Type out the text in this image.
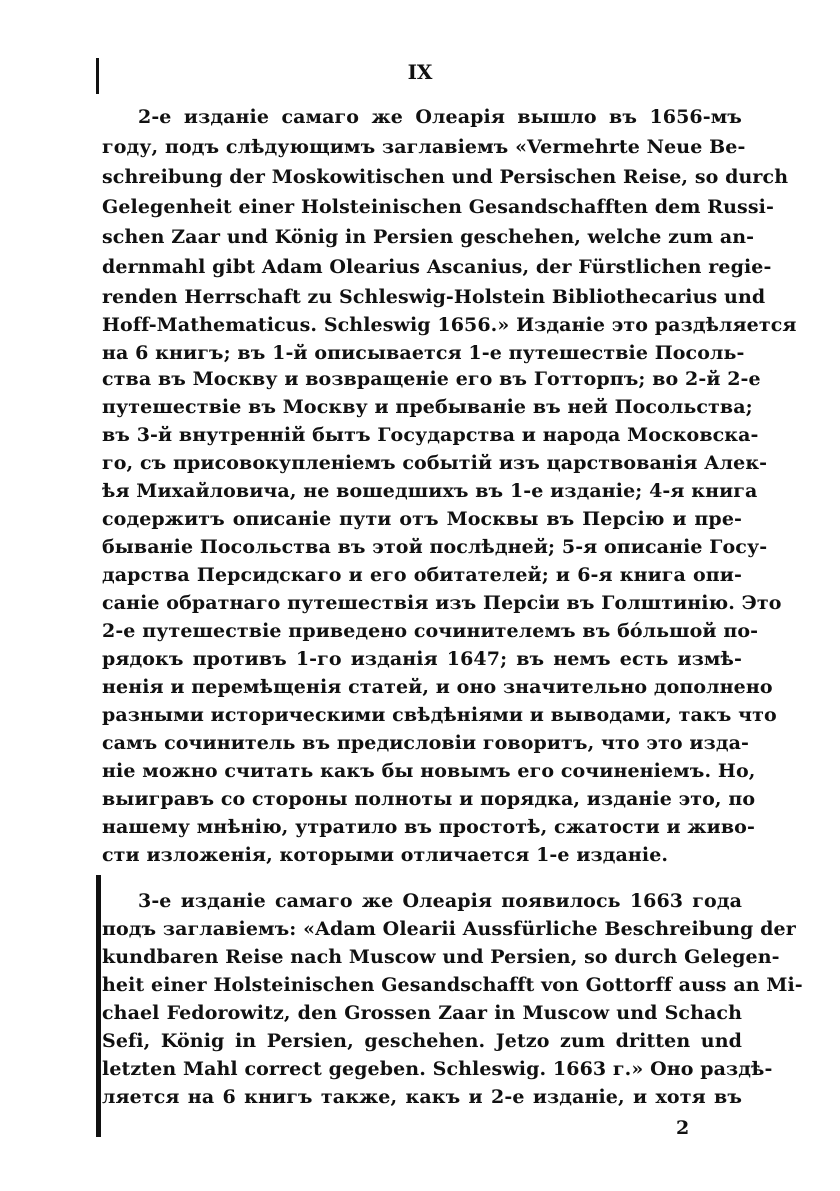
IX
2-е изданіе самаго же Олеарія вышло въ 1656-мъ
году, подъ слѣдующимъ заглавіемъ «Vermehrte Neue Be-
schreibung der Moskowitischen und Persischen Reise, so durch
Gelegenheit einer Holsteinischen Gesandschafften dem Russi-
schen Zaar und König in Persien geschehen, welche zum an-
dernmahl gibt Adam Olearius Ascanius, der Fürstlichen regie-
renden Herrschaft zu Schleswig-Holstein Bibliothecarius und
Hoff-Mathematicus. Schleswig 1656.» Изданіе это раздѣляется
на 6 книгъ; въ 1-й описывается 1-е путешествіе Посоль-
ства въ Москву и возвращеніе его въ Готторпъ; во 2-й 2-е
путешествіе въ Москву и пребываніе въ ней Посольства;
въ 3-й внутренній бытъ Государства и народа Московска-
го, съ присовокупленіемъ событій изъ царствованія Алек-
ѣя Михайловича, не вошедшихъ въ 1-е изданіе; 4-я книга
содержитъ описаніе пути отъ Москвы въ Персію и пре-
бываніе Посольства въ этой послѣдней; 5-я описаніе Госу-
дарства Персидскаго и его обитателей; и 6-я книга опи-
саніе обратнаго путешествія изъ Персіи въ Голштинію. Это
2-е путешествіе приведено сочинителемъ въ бóльшой по-
рядокъ противъ 1-го изданія 1647; въ немъ есть измѣ-
ненія и перемѣщенія статей, и оно значительно дополнено
разными историческими свѣдѣніями и выводами, такъ что
самъ сочинитель въ предисловіи говоритъ, что это изда-
ніе можно считать какъ бы новымъ его сочиненіемъ. Но,
выигравъ со стороны полноты и порядка, изданіе это, по
нашему мнѣнію, утратило въ простотѣ, сжатости и живо-
сти изложенія, которыми отличается 1-е изданіе.
3-е изданіе самаго же Олеарія появилось 1663 года
подъ заглавіемъ: «Adam Olearii Aussfürliche Beschreibung der
kundbaren Reise nach Muscow und Persien, so durch Gelegen-
heit einer Holsteinischen Gesandschafft von Gottorff auss an Mi-
chael Fedorowitz, den Grossen Zaar in Muscow und Schach
Sefi, König in Persien, geschehen. Jetzo zum dritten und
letzten Mahl correct gegeben. Schleswig. 1663 г.» Оно раздѣ-
ляется на 6 книгъ также, какъ и 2-е изданіе, и хотя въ
2
